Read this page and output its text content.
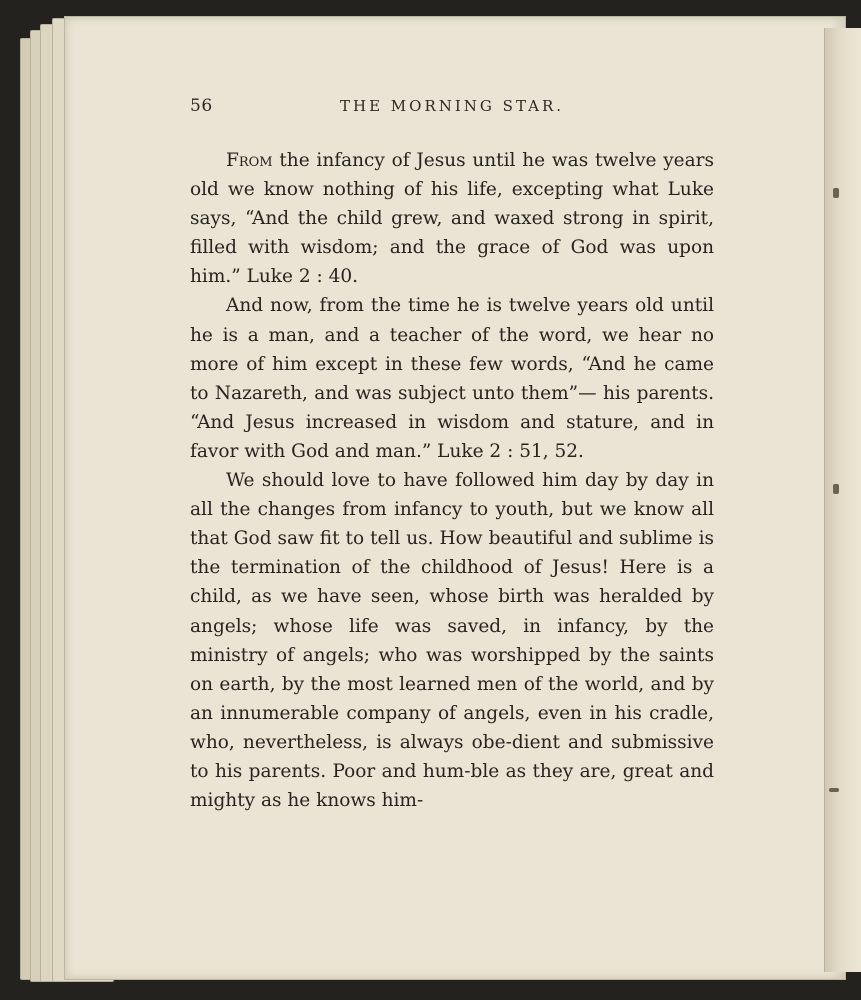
56	THE MORNING STAR.

From the infancy of Jesus until he was twelve years old we know nothing of his life, excepting what Luke says, “And the child grew, and waxed strong in spirit, filled with wisdom; and the grace of God was upon him.” Luke 2 : 40.

And now, from the time he is twelve years old until he is a man, and a teacher of the word, we hear no more of him except in these few words, “And he came to Nazareth, and was subject unto them”— his parents. “And Jesus increased in wisdom and stature, and in favor with God and man.” Luke 2 : 51, 52.

We should love to have followed him day by day in all the changes from infancy to youth, but we know all that God saw fit to tell us. How beautiful and sublime is the termination of the childhood of Jesus! Here is a child, as we have seen, whose birth was heralded by angels; whose life was saved, in infancy, by the ministry of angels; who was worshipped by the saints on earth, by the most learned men of the world, and by an innumerable company of angels, even in his cradle, who, nevertheless, is always obe-dient and submissive to his parents. Poor and hum-ble as they are, great and mighty as he knows him-
